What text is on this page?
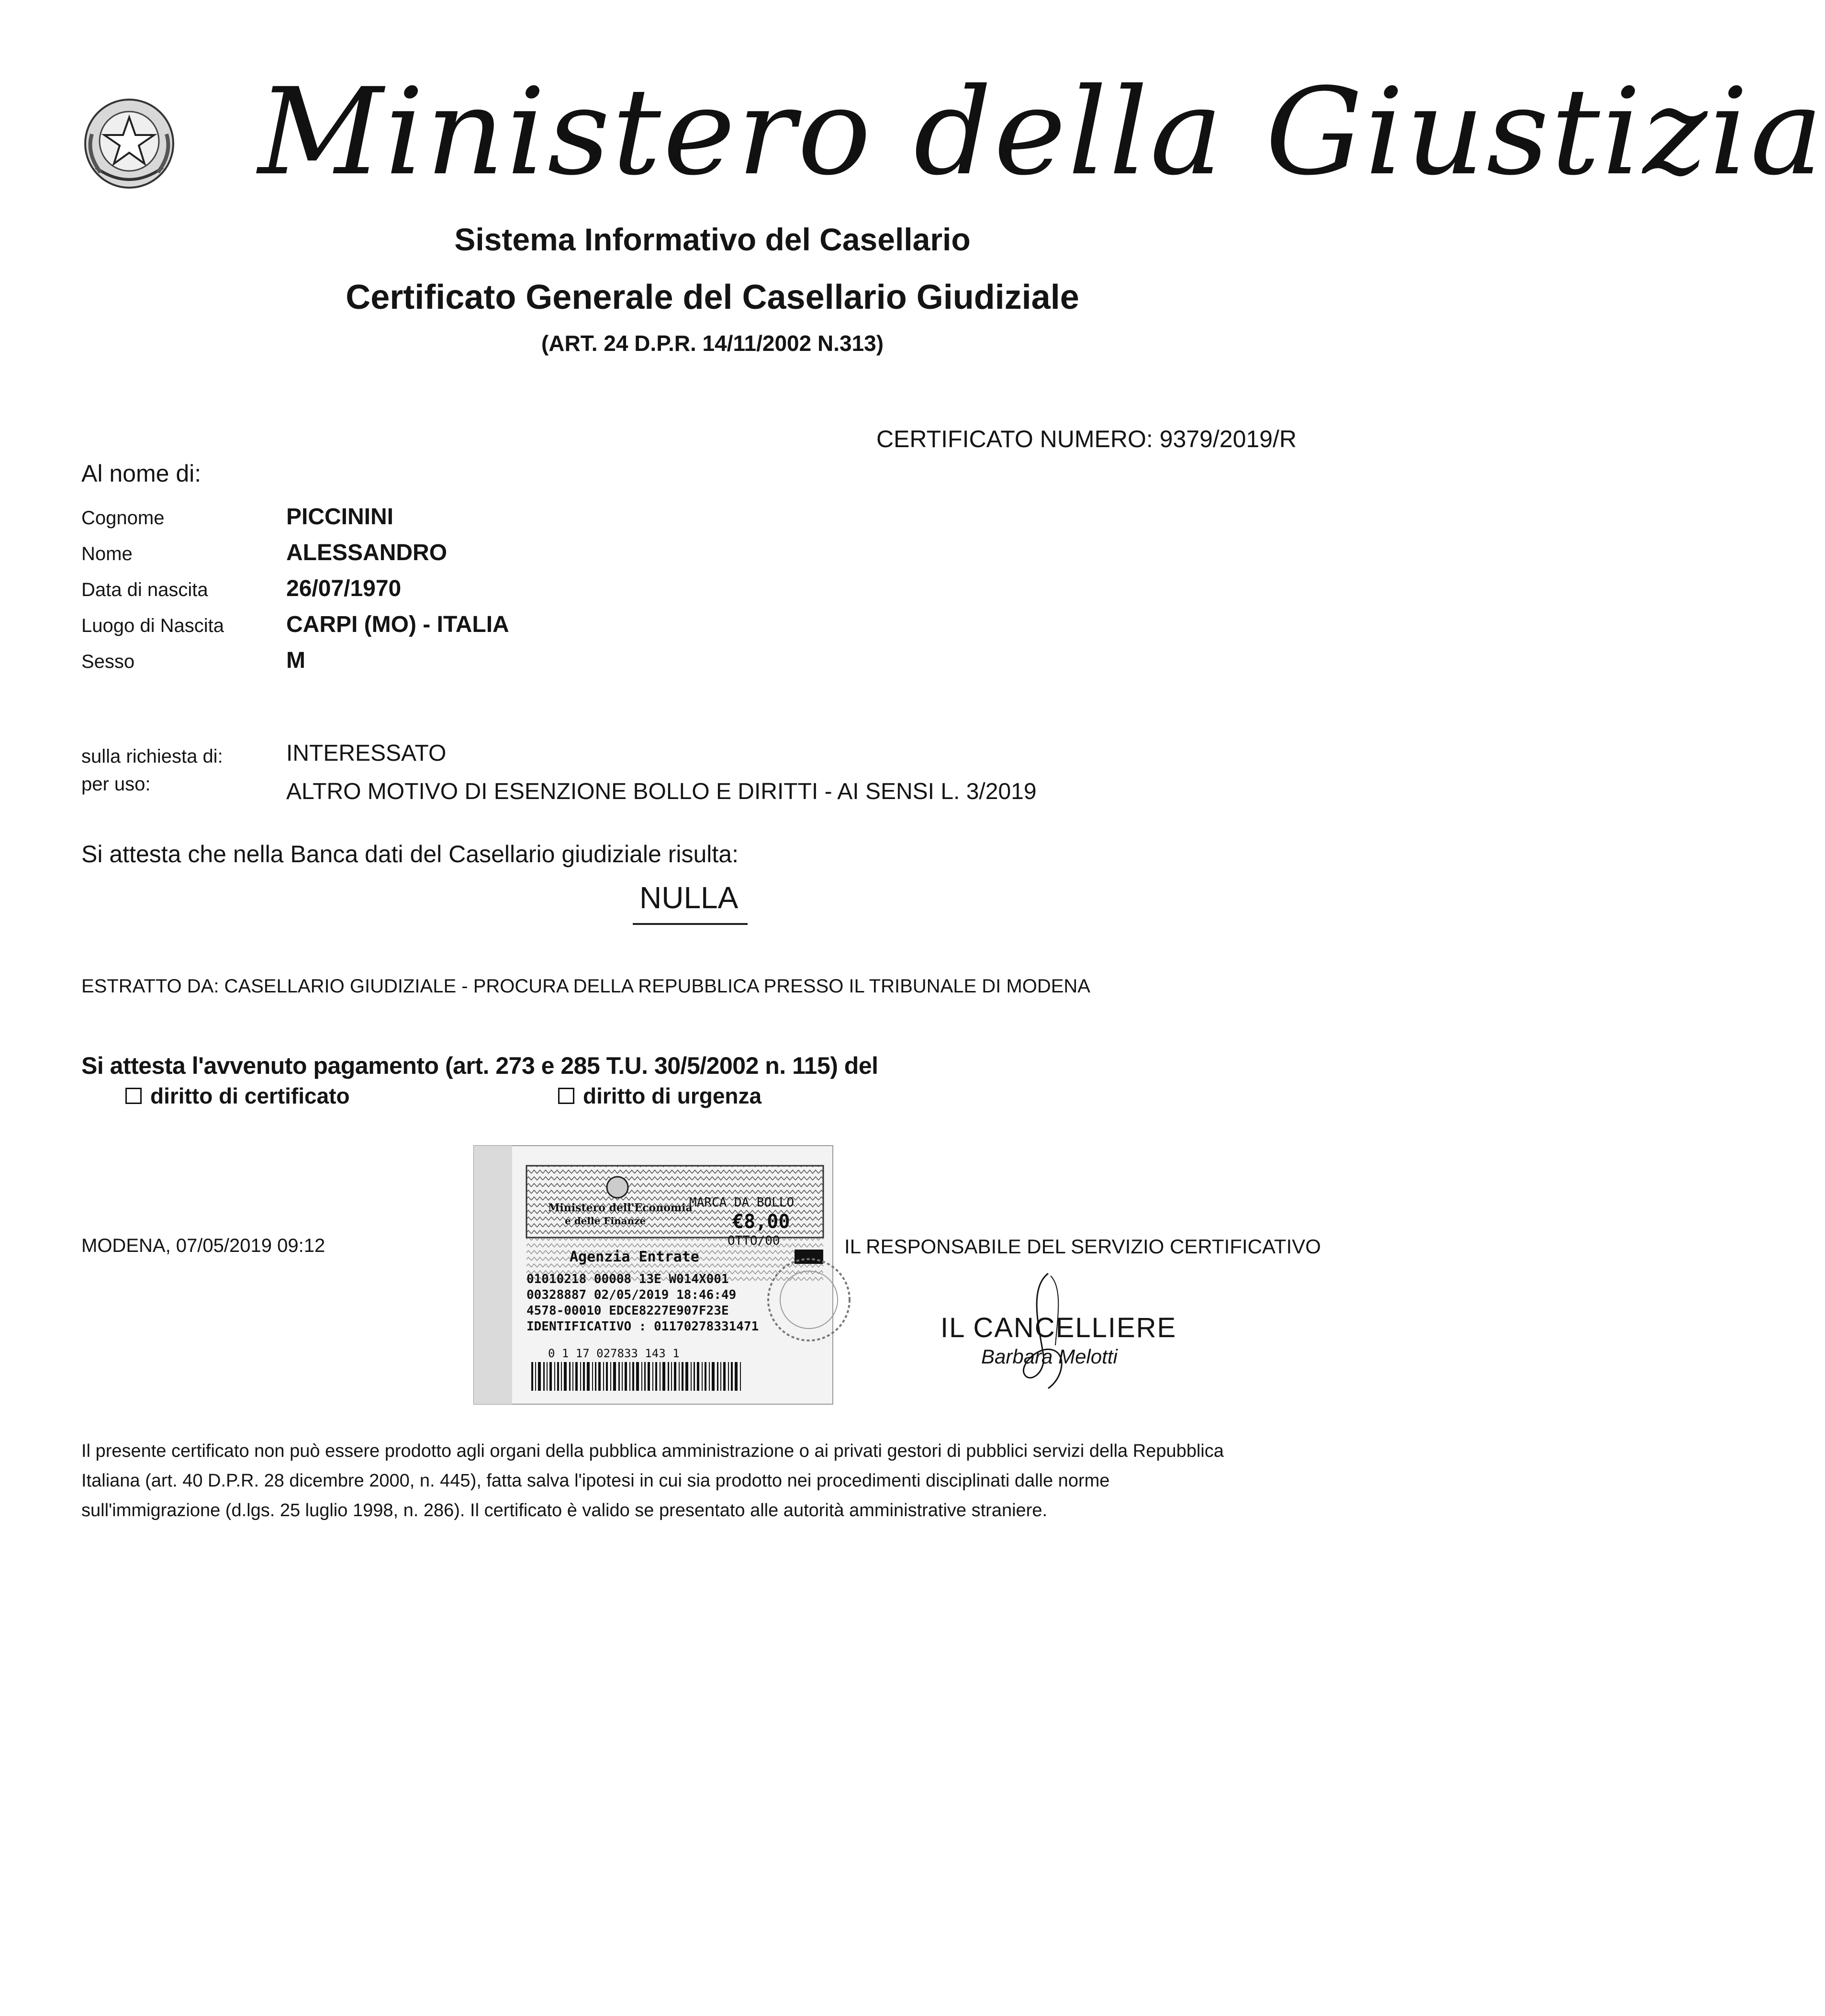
Ministero della Giustizia
Sistema Informativo del Casellario
Certificato Generale del Casellario Giudiziale
(ART. 24 D.P.R. 14/11/2002 N.313)
CERTIFICATO NUMERO: 9379/2019/R
Al nome di:
Cognome	PICCININI
Nome	ALESSANDRO
Data di nascita	26/07/1970
Luogo di Nascita	CARPI (MO) - ITALIA
Sesso	M
sulla richiesta di:	INTERESSATO
per uso:	ALTRO MOTIVO DI ESENZIONE BOLLO E DIRITTI - AI SENSI L. 3/2019
Si attesta che nella Banca dati del Casellario giudiziale risulta:
NULLA
ESTRATTO DA: CASELLARIO GIUDIZIALE - PROCURA DELLA REPUBBLICA PRESSO IL TRIBUNALE DI MODENA
Si attesta l'avvenuto pagamento (art. 273 e 285 T.U. 30/5/2002 n. 115) del
diritto di certificato	diritto di urgenza
MODENA, 07/05/2019 09:12
Ministero dell'Economia
e delle Finanze
MARCA DA BOLLO
€8,00
OTTO/00
Agenzia Entrate
01010218 00008 13E W014X001
00328887 02/05/2019 18:46:49
4578-00010 EDCE8227E907F23E
IDENTIFICATIVO : 01170278331471
0 1 17 027833 143 1
IL RESPONSABILE DEL SERVIZIO CERTIFICATIVO
IL CANCELLIERE
Barbara Melotti
Il presente certificato non può essere prodotto agli organi della pubblica amministrazione o ai privati gestori di pubblici servizi della Repubblica
Italiana (art. 40 D.P.R. 28 dicembre 2000, n. 445), fatta salva l'ipotesi in cui sia prodotto nei procedimenti disciplinati dalle norme
sull'immigrazione (d.lgs. 25 luglio 1998, n. 286). Il certificato è valido se presentato alle autorità amministrative straniere.
